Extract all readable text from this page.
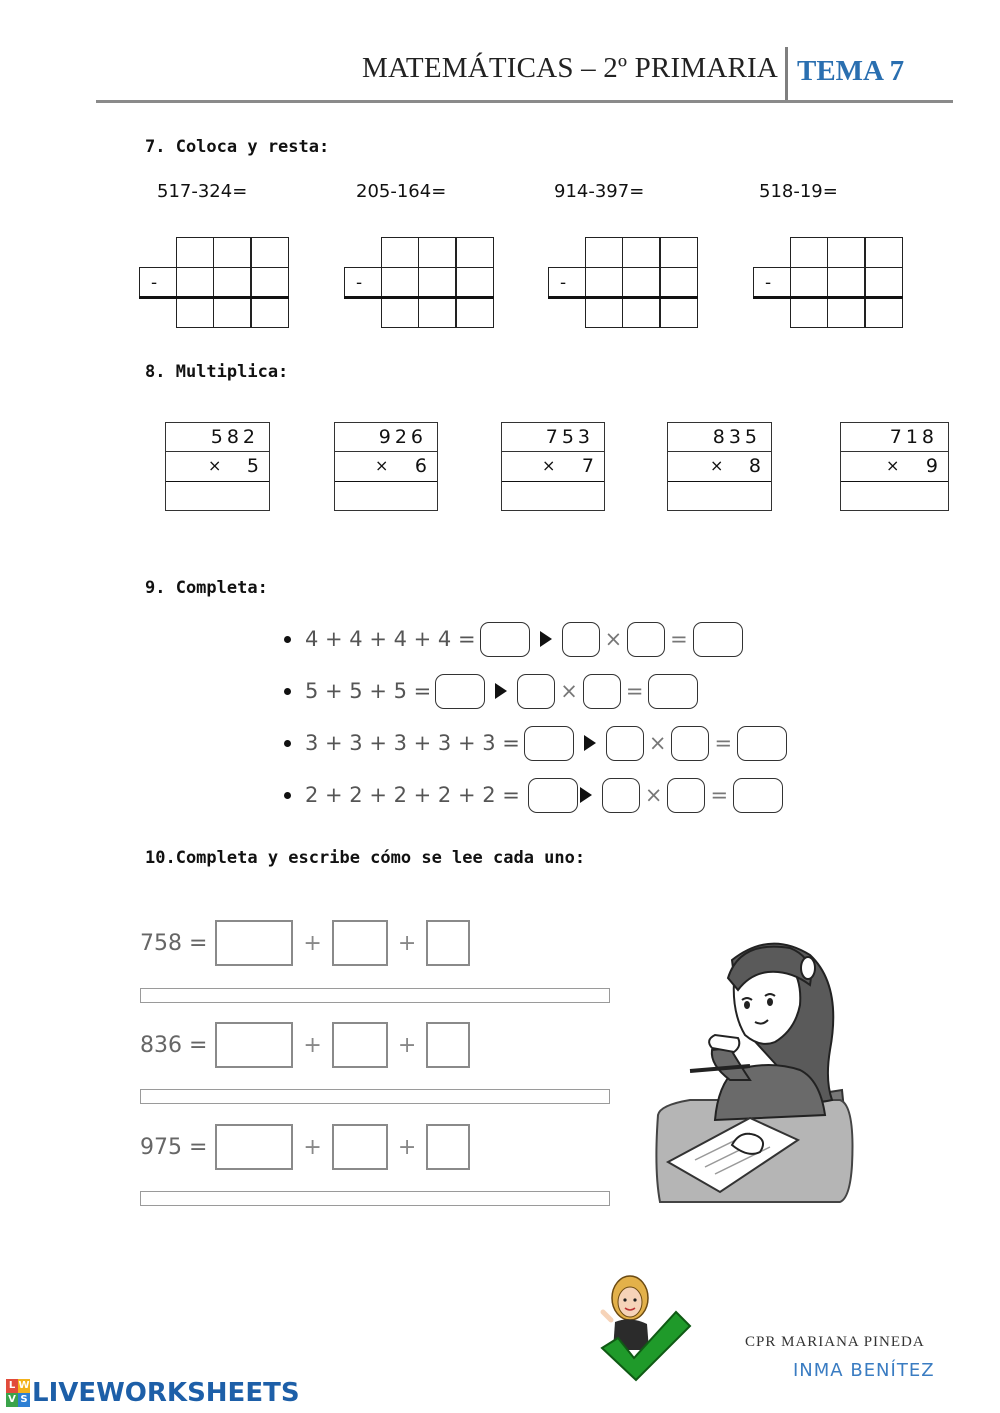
MATEMÁTICAS – 2º PRIMARIA TEMA 7
7. Coloca y resta:
517-324=	205-164=	914-397=	518-19=
-	-	-	-
8. Multiplica:
582
× 5
926
× 6
753
× 7
835
× 8
718
× 9
9. Completa:
4 + 4 + 4 + 4 =	× =
5 + 5 + 5 =	× =
3 + 3 + 3 + 3 + 3 =	× =
2 + 2 + 2 + 2 + 2 =	× =
10.Completa y escribe cómo se lee cada uno:
758 =	+	+
836 =	+	+
975 =	+	+
CPR MARIANA PINEDA
INMA BENÍTEZ
L W
V S LIVEWORKSHEETS
